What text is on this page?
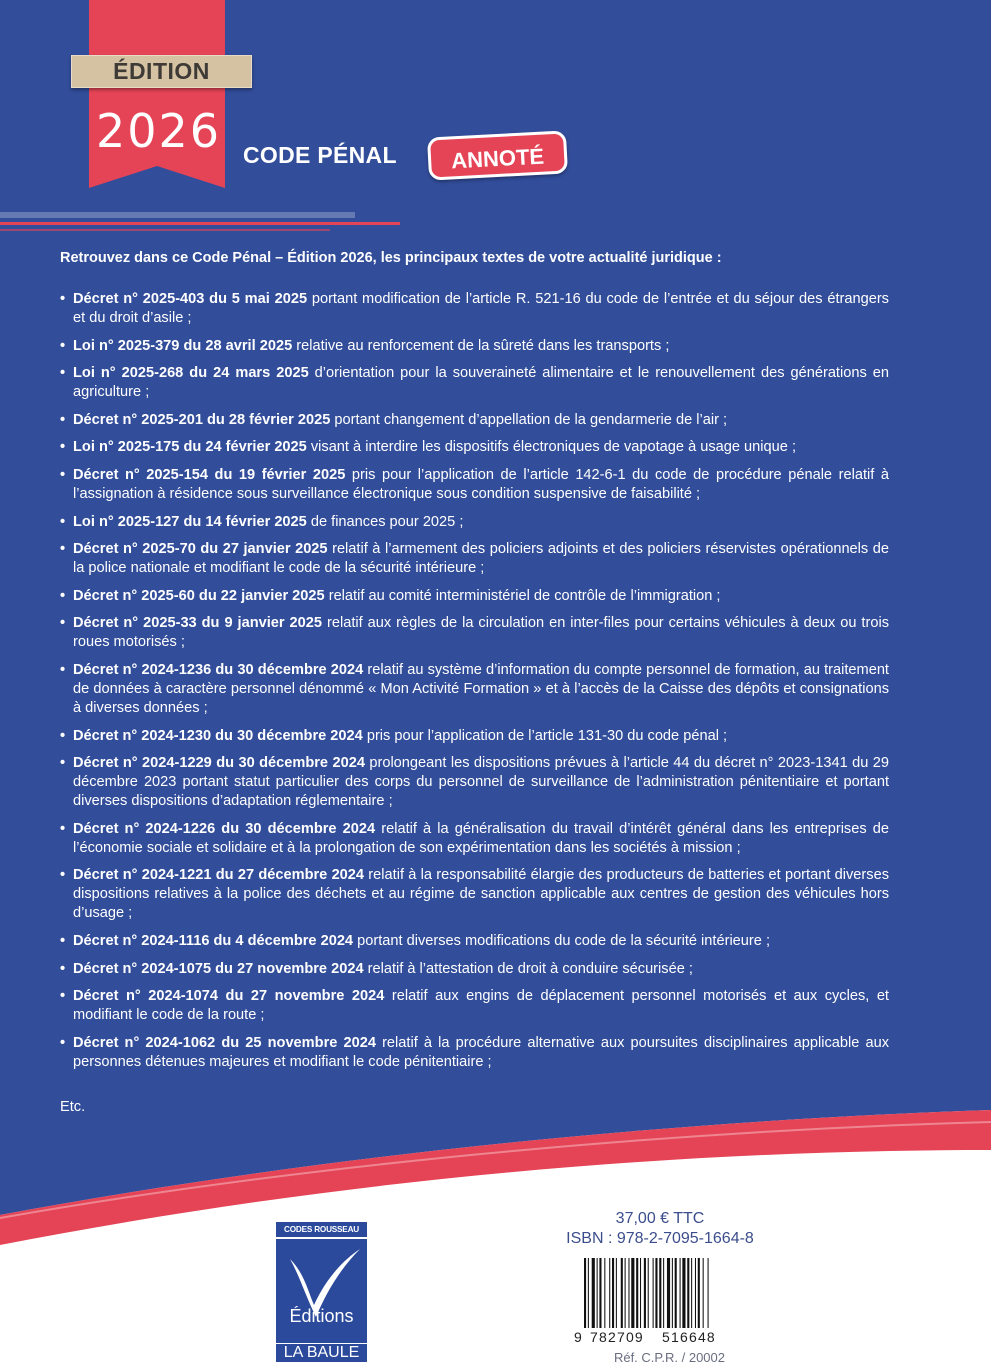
ÉDITION
2026 CODE PÉNAL	ANNOTÉ
Retrouvez dans ce Code Pénal – Édition 2026, les principaux textes de votre actualité juridique :
• Décret n° 2025-403 du 5 mai 2025 portant modification de l’article R. 521-16 du code de l’entrée et du séjour des étrangers et du droit d’asile ;
• Loi n° 2025-379 du 28 avril 2025 relative au renforcement de la sûreté dans les transports ;
• Loi n° 2025-268 du 24 mars 2025 d’orientation pour la souveraineté alimentaire et le renouvellement des générations en agriculture ;
• Décret n° 2025-201 du 28 février 2025 portant changement d’appellation de la gendarmerie de l’air ;
• Loi n° 2025-175 du 24 février 2025 visant à interdire les dispositifs électroniques de vapotage à usage unique ;
• Décret n° 2025-154 du 19 février 2025 pris pour l’application de l’article 142-6-1 du code de procédure pénale relatif à l’assignation à résidence sous surveillance électronique sous condition suspensive de faisabilité ;
• Loi n° 2025-127 du 14 février 2025 de finances pour 2025 ;
• Décret n° 2025-70 du 27 janvier 2025 relatif à l’armement des policiers adjoints et des policiers réservistes opérationnels de la police nationale et modifiant le code de la sécurité intérieure ;
• Décret n° 2025-60 du 22 janvier 2025 relatif au comité interministériel de contrôle de l’immigration ;
• Décret n° 2025-33 du 9 janvier 2025 relatif aux règles de la circulation en inter-files pour certains véhicules à deux ou trois roues motorisés ;
• Décret n° 2024-1236 du 30 décembre 2024 relatif au système d’information du compte personnel de formation, au traitement de données à caractère personnel dénommé « Mon Activité Formation » et à l’accès de la Caisse des dépôts et consignations à diverses données ;
• Décret n° 2024-1230 du 30 décembre 2024 pris pour l’application de l’article 131-30 du code pénal ;
• Décret n° 2024-1229 du 30 décembre 2024 prolongeant les dispositions prévues à l’article 44 du décret n° 2023-1341 du 29 décembre 2023 portant statut particulier des corps du personnel de surveillance de l’administration pénitentiaire et portant diverses dispositions d’adaptation réglementaire ;
• Décret n° 2024-1226 du 30 décembre 2024 relatif à la généralisation du travail d’intérêt général dans les entreprises de l’économie sociale et solidaire et à la prolongation de son expérimentation dans les sociétés à mission ;
• Décret n° 2024-1221 du 27 décembre 2024 relatif à la responsabilité élargie des producteurs de batteries et portant diverses dispositions relatives à la police des déchets et au régime de sanction applicable aux centres de gestion des véhicules hors d’usage ;
• Décret n° 2024-1116 du 4 décembre 2024 portant diverses modifications du code de la sécurité intérieure ;
• Décret n° 2024-1075 du 27 novembre 2024 relatif à l’attestation de droit à conduire sécurisée ;
• Décret n° 2024-1074 du 27 novembre 2024 relatif aux engins de déplacement personnel motorisés et aux cycles, et modifiant le code de la route ;
• Décret n° 2024-1062 du 25 novembre 2024 relatif à la procédure alternative aux poursuites disciplinaires applicable aux personnes détenues majeures et modifiant le code pénitentiaire ;
Etc.
CODES ROUSSEAU
Éditions
LA BAULE
37,00 € TTC
ISBN : 978-2-7095-1664-8
9 782709 516648
Réf. C.P.R. / 20002
